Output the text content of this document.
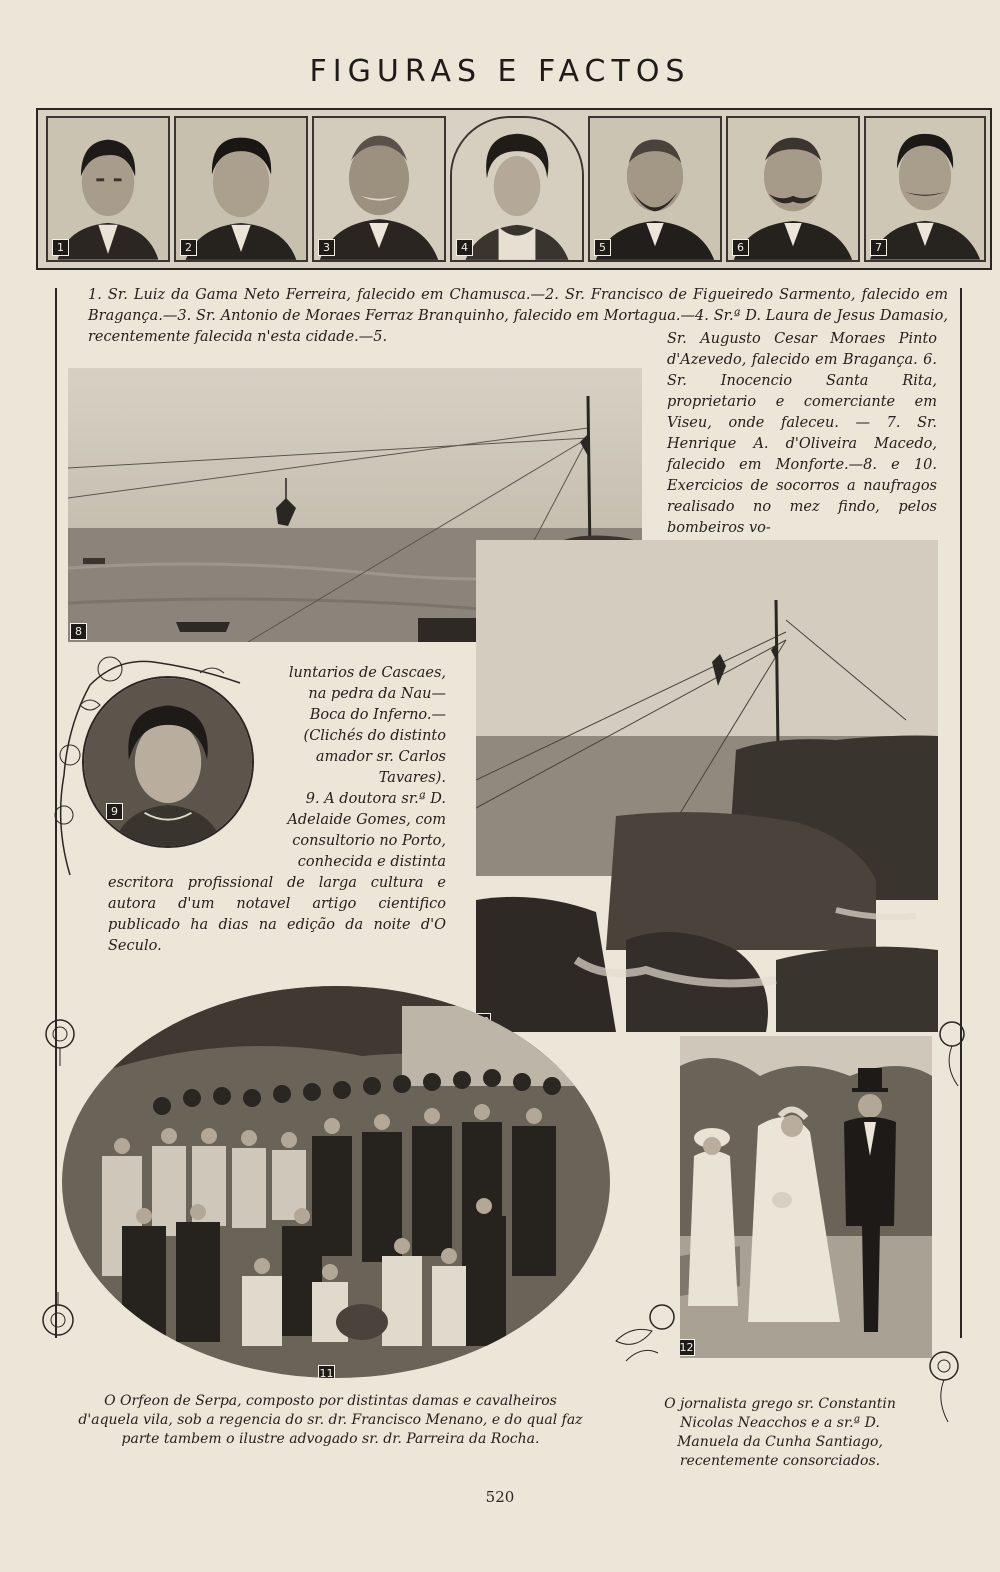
FIGURAS E FACTOS
1	2	3	4	5	6	7
1. Sr. Luiz da Gama Neto Ferreira, falecido em Chamusca.—2. Sr. Francisco de Figueiredo Sarmento, falecido em Bragança.—3. Sr. Antonio de Moraes Ferraz Branquinho, falecido em Mortagua.—4. Sr.ª D. Laura de Jesus Damasio, recentemente falecida n'esta cidade.—5.
8
Sr. Augusto Cesar Moraes Pinto d'Azevedo, falecido em Bragança. 6. Sr. Inocencio Santa Rita, proprietario e comerciante em Viseu, onde faleceu. — 7. Sr. Henrique A. d'Oliveira Macedo, falecido em Monforte.—8. e 10. Exercicios de socorros a naufragos realisado no mez findo, pelos bombeiros vo-
9
luntarios de Cascaes, na pedra da Nau—Boca do Inferno.—(Clichés do distinto amador sr. Carlos Tavares).
9. A doutora sr.ª D. Adelaide Gomes, com consultorio no Porto, conhecida e distinta
escritora profissional de larga cultura e autora d'um notavel artigo cientifico publicado ha dias na edição da noite d'O Seculo.
11
12
O Orfeon de Serpa, composto por distintas damas e cavalheiros d'aquela vila, sob a regencia do sr. dr. Francisco Menano, e do qual faz parte tambem o ilustre advogado sr. dr. Parreira da Rocha.
O jornalista grego sr. Constantin Nicolas Neacchos e a sr.ª D. Manuela da Cunha Santiago, recentemente consorciados.
520
